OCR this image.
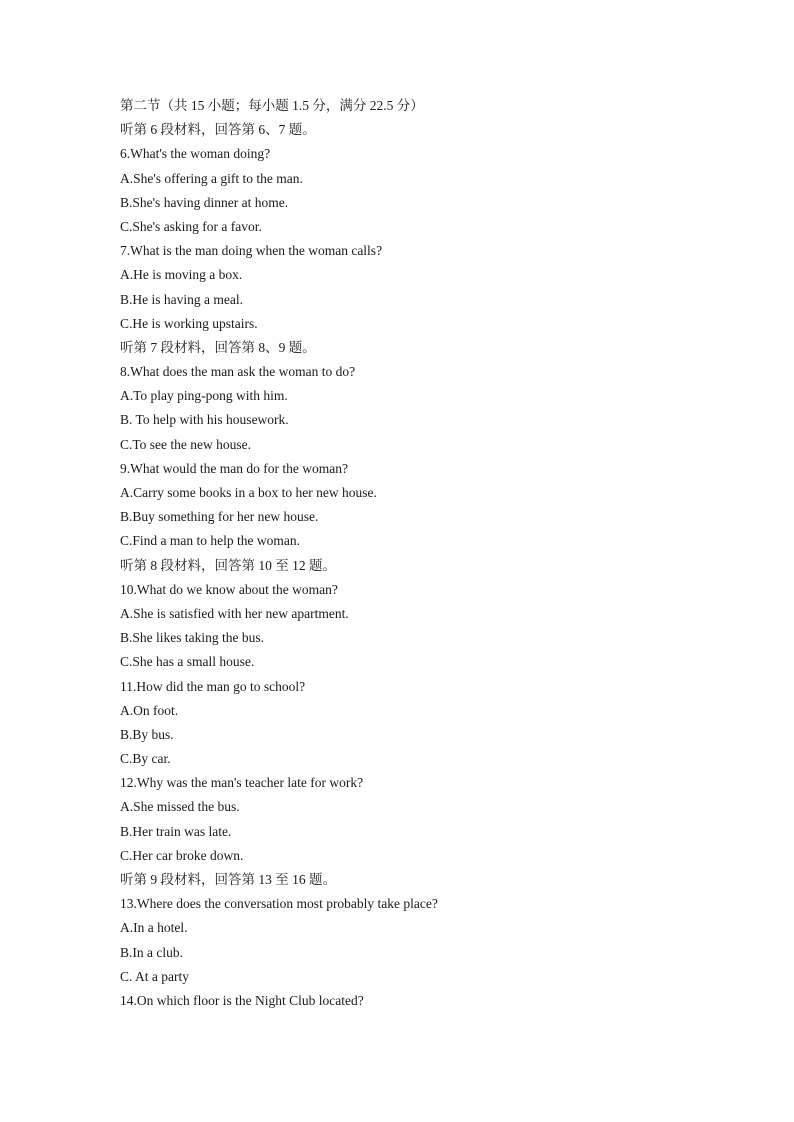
第二节（共 15 小题；每小题 1.5 分，满分 22.5 分）
听第 6 段材料，回答第 6、7 题。
6.What's the woman doing?
A.She's offering a gift to the man.
B.She's having dinner at home.
C.She's asking for a favor.
7.What is the man doing when the woman calls?
A.He is moving a box.
B.He is having a meal.
C.He is working upstairs.
听第 7 段材料，回答第 8、9 题。
8.What does the man ask the woman to do?
A.To play ping-pong with him.
B. To help with his housework.
C.To see the new house.
9.What would the man do for the woman?
A.Carry some books in a box to her new house.
B.Buy something for her new house.
C.Find a man to help the woman.
听第 8 段材料，回答第 10 至 12 题。
10.What do we know about the woman?
A.She is satisfied with her new apartment.
B.She likes taking the bus.
C.She has a small house.
11.How did the man go to school?
A.On foot.
B.By bus.
C.By car.
12.Why was the man's teacher late for work?
A.She missed the bus.
B.Her train was late.
C.Her car broke down.
听第 9 段材料，回答第 13 至 16 题。
13.Where does the conversation most probably take place?
A.In a hotel.
B.In a club.
C. At a party
14.On which floor is the Night Club located?
